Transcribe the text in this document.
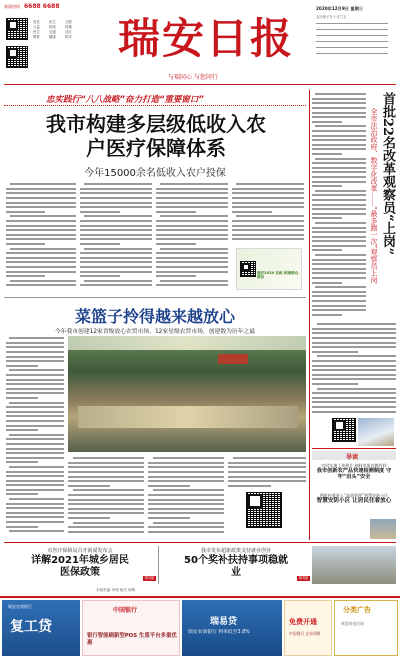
新闻热线 6688 6688
首页	民生	文娱公益	热线	信箱民生	交通	社区教育	健康	时评 瑞安日报
与瑞同心 与您同行
2020年12月9日 星期三
农历庚子年十月廿五
忠实践行“八八战略”奋力打造“重要窗口”
我市构建多层级低收入农户医疗保障体系
今年15000余名低收入农户投保
瑞安2020 民政·困难群众帮扶
首批22名改革观察员“上岗”
全市法治政府、数字化改革……“最多跑一次”观察员上岗
导读
实时实地上传照片 抽样对象有模有样
我市创新农产品快速检测制度 守牢“田头”安全
荆乾村着进入“高效管理”智慧安防小区
智慧安防小区 让居民住着放心
菜篮子拎得越来越放心
今年我市创建12家省级放心农贸市场、12家星级农贸市场，创建数为历年之最
市医疗保障局召开新闻发布会
详解2021年城乡居民医保政策	第2版
我市发布超新政策支持就业创业
50个奖补扶持事项稳就业	第3版
本版责编 李明 版式 明明
复工贷
瑞安农商银行
中国银行
银行智能刷新型POS 生意平台多重优惠
瑞易贷
瑞安农商银行 利率低至3.8%
免费开通
中国银行 企业网银
分类广告
欢迎来电咨询
